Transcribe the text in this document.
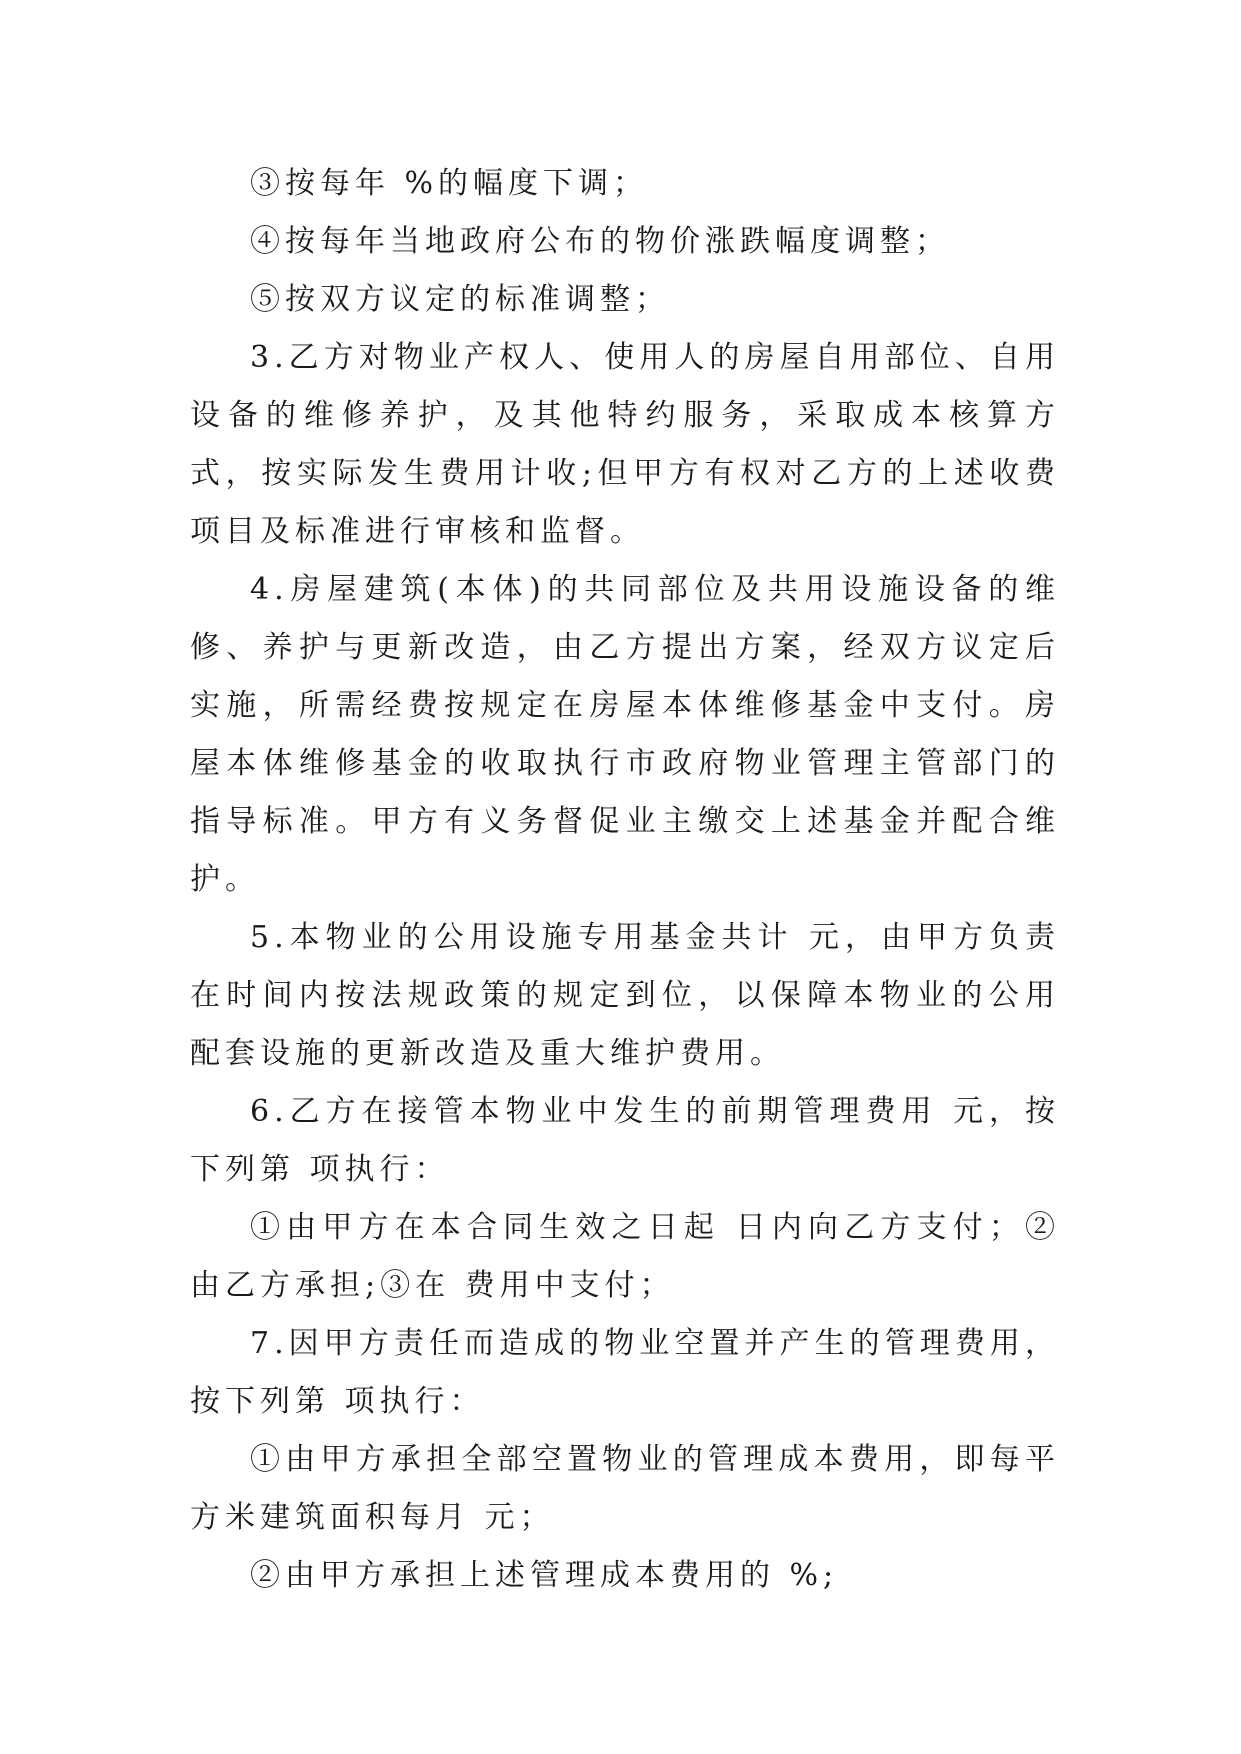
③按每年 %的幅度下调；

④按每年当地政府公布的物价涨跌幅度调整；

⑤按双方议定的标准调整；

3.乙方对物业产权人、使用人的房屋自用部位、自用设备的维修养护，及其他特约服务，采取成本核算方式，按实际发生费用计收;但甲方有权对乙方的上述收费项目及标准进行审核和监督。

4.房屋建筑(本体)的共同部位及共用设施设备的维修、养护与更新改造，由乙方提出方案，经双方议定后实施，所需经费按规定在房屋本体维修基金中支付。房屋本体维修基金的收取执行市政府物业管理主管部门的指导标准。甲方有义务督促业主缴交上述基金并配合维护。

5.本物业的公用设施专用基金共计 元，由甲方负责在时间内按法规政策的规定到位，以保障本物业的公用配套设施的更新改造及重大维护费用。

6.乙方在接管本物业中发生的前期管理费用 元，按下列第 项执行：

①由甲方在本合同生效之日起 日内向乙方支付；②由乙方承担;③在 费用中支付；

7.因甲方责任而造成的物业空置并产生的管理费用，按下列第 项执行：

①由甲方承担全部空置物业的管理成本费用，即每平方米建筑面积每月 元；

②由甲方承担上述管理成本费用的 %;
